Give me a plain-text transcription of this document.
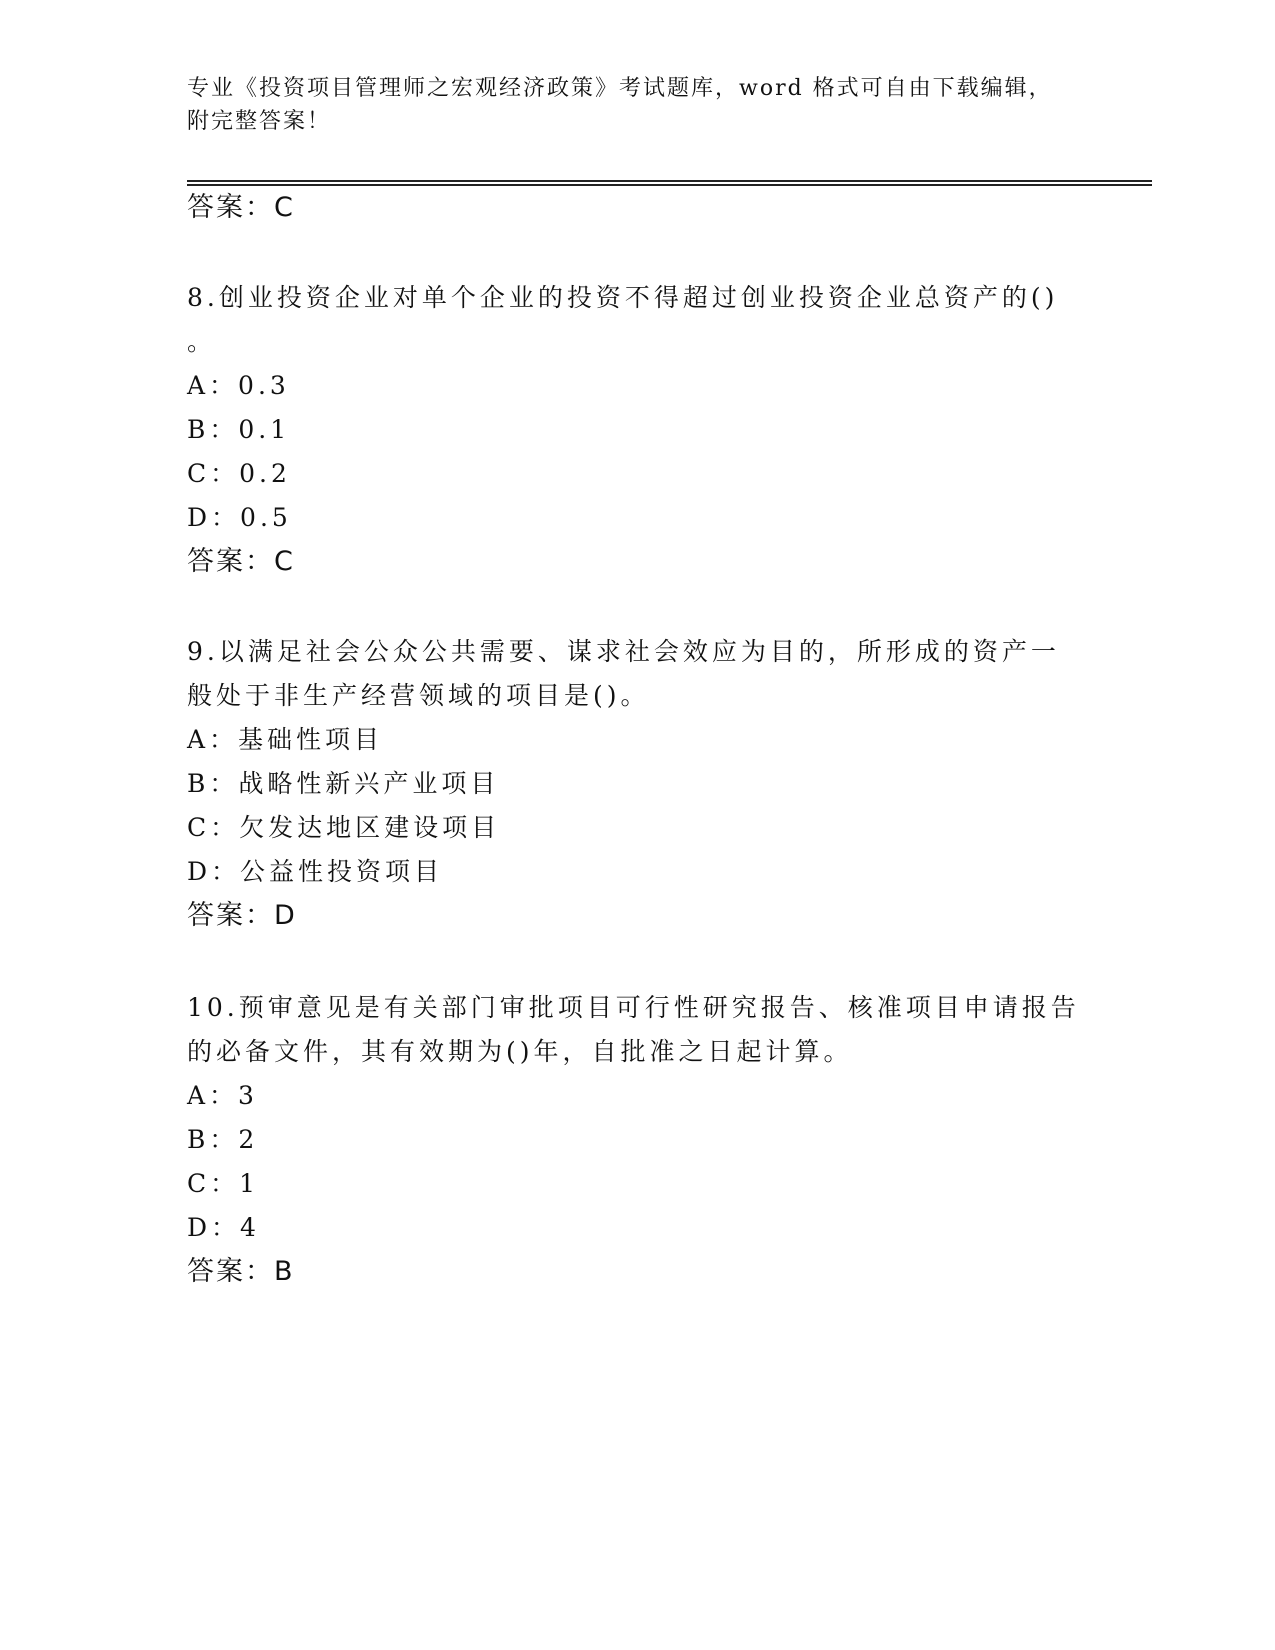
专业《投资项目管理师之宏观经济政策》考试题库，word 格式可自由下载编辑，
附完整答案！
答案：C
8.创业投资企业对单个企业的投资不得超过创业投资企业总资产的()
。
A：0.3
B：0.1
C：0.2
D：0.5
答案：C
9.以满足社会公众公共需要、谋求社会效应为目的，所形成的资产一
般处于非生产经营领域的项目是()。
A：基础性项目
B：战略性新兴产业项目
C：欠发达地区建设项目
D：公益性投资项目
答案：D
10.预审意见是有关部门审批项目可行性研究报告、核准项目申请报告
的必备文件，其有效期为()年，自批准之日起计算。
A：3
B：2
C：1
D：4
答案：B
